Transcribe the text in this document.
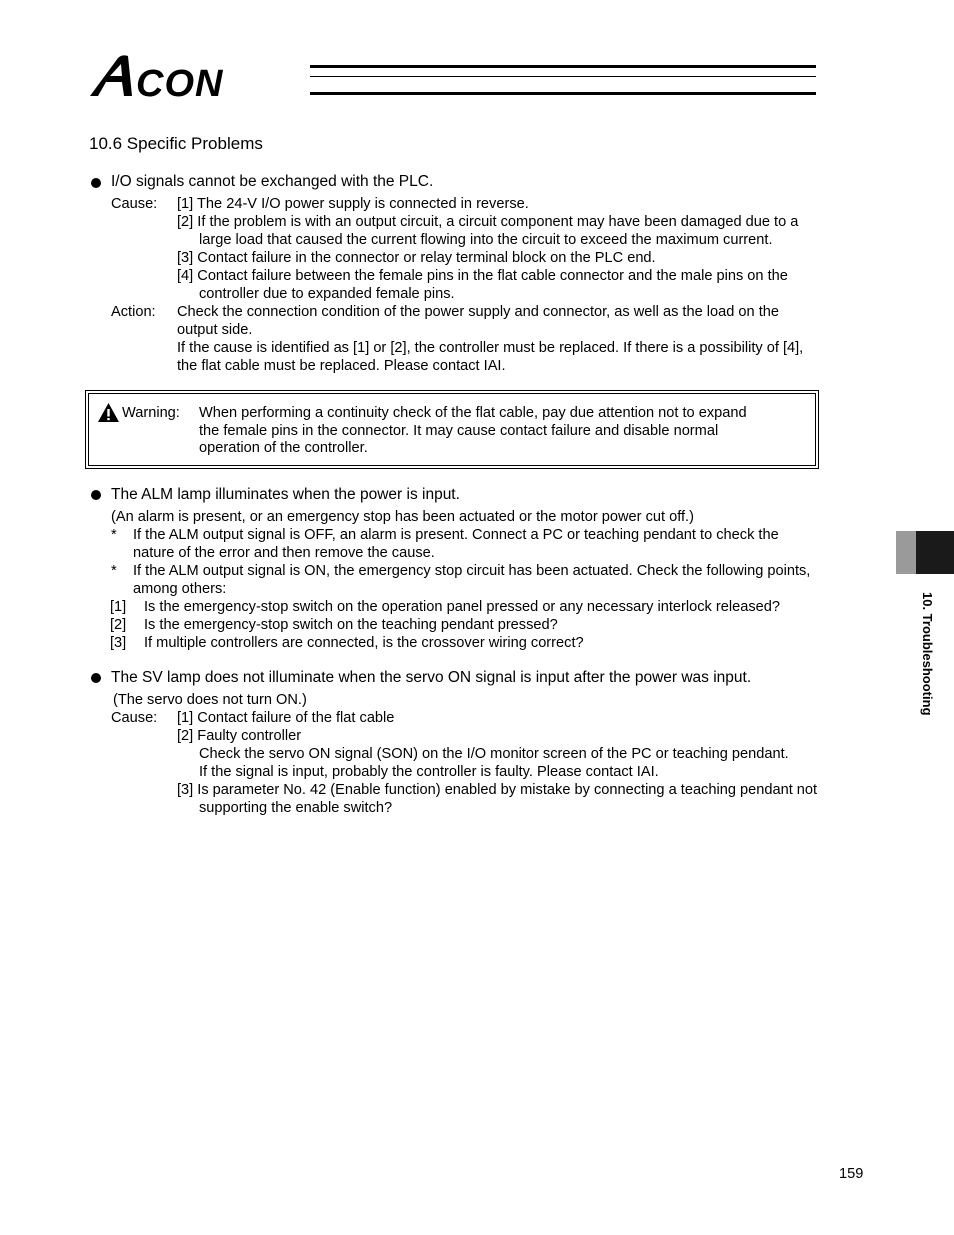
CON
10.6 Specific Problems
I/O signals cannot be exchanged with the PLC.
Cause: [1] The 24-V I/O power supply is connected in reverse.
[2] If the problem is with an output circuit, a circuit component may have been damaged due to a
large load that caused the current flowing into the circuit to exceed the maximum current.
[3] Contact failure in the connector or relay terminal block on the PLC end.
[4] Contact failure between the female pins in the flat cable connector and the male pins on the
controller due to expanded female pins.
Action: Check the connection condition of the power supply and connector, as well as the load on the
output side.
If the cause is identified as [1] or [2], the controller must be replaced. If there is a possibility of [4],
the flat cable must be replaced. Please contact IAI.
Warning: When performing a continuity check of the flat cable, pay due attention not to expand
the female pins in the connector. It may cause contact failure and disable normal
operation of the controller.
The ALM lamp illuminates when the power is input.
(An alarm is present, or an emergency stop has been actuated or the motor power cut off.)
* If the ALM output signal is OFF, an alarm is present. Connect a PC or teaching pendant to check the
nature of the error and then remove the cause.
* If the ALM output signal is ON, the emergency stop circuit has been actuated. Check the following points,
among others:
[1] Is the emergency-stop switch on the operation panel pressed or any necessary interlock released?
[2] Is the emergency-stop switch on the teaching pendant pressed?
[3] If multiple controllers are connected, is the crossover wiring correct?
The SV lamp does not illuminate when the servo ON signal is input after the power was input.
(The servo does not turn ON.)
Cause: [1] Contact failure of the flat cable
[2] Faulty controller
Check the servo ON signal (SON) on the I/O monitor screen of the PC or teaching pendant.
If the signal is input, probably the controller is faulty. Please contact IAI.
[3] Is parameter No. 42 (Enable function) enabled by mistake by connecting a teaching pendant not
supporting the enable switch?
10. Troubleshooting
159
